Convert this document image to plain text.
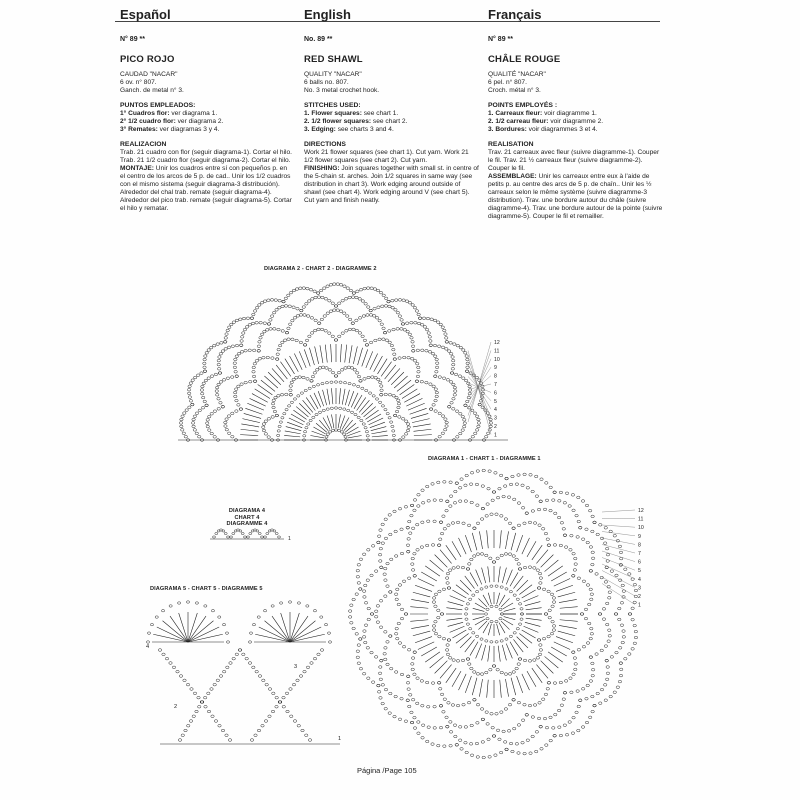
Español
N° 89 **
PICO ROJO
CAUDAD "NACAR"
6 ov. n° 807.
Ganch. de metal n° 3.
PUNTOS EMPLEADOS:
1° Cuadros flor: ver diagrama 1.
2° 1/2 cuadro flor: ver diagrama 2.
3° Remates: ver diagramas 3 y 4.
REALIZACION
Trab. 21 cuadro con flor (seguir diagrama-1). Cortar el hilo. Trab. 21 1/2 cuadro flor (seguir diagrama-2). Cortar el hilo.
MONTAJE: Unir los cuadros entre sí con pequeños p. en el centro de los arcos de 5 p. de cad.. Unir los 1/2 cuadros con el mismo sistema (seguir diagrama-3 distribución). Alrededor del chal trab. remate (seguir diagrama-4). Alrededor del pico trab. remate (seguir diagrama-5). Cortar el hilo y rematar.
English
No. 89 **
RED SHAWL
QUALITY "NACAR"
6 balls no. 807.
No. 3 metal crochet hook.
STITCHES USED:
1. Flower squares: see chart 1.
2. 1/2 flower squares: see chart 2.
3. Edging: see charts 3 and 4.
DIRECTIONS
Work 21 flower squares (see chart 1). Cut yarn. Work 21 1/2 flower squares (see chart 2). Cut yarn.
FINISHING: Join squares together with small st. in centre of the 5-chain st. arches. Join 1/2 squares in same way (see distribution in chart 3). Work edging around outside of shawl (see chart 4). Work edging around V (see chart 5). Cut yarn and finish neatly.
Français
N° 89 **
CHÂLE ROUGE
QUALITÉ "NACAR"
6 pel. n° 807.
Croch. métal n° 3.
POINTS EMPLOYÉS :
1. Carreaux fleur: voir diagramme 1.
2. 1/2 carreau fleur: voir diagramme 2.
3. Bordures: voir diagrammes 3 et 4.
REALISATION
Trav. 21 carreaux avec fleur (suivre diagramme-1). Couper le fil. Trav. 21 ½ carreaux fleur (suivre diagramme-2). Couper le fil.
ASSEMBLAGE: Unir les carreaux entre eux à l'aide de petits p. au centre des arcs de 5 p. de chaîn.. Unir les ½ carreaux selon le même système (suivre diagramme-3 distribution). Trav. une bordure autour du châle (suivre diagramme-4). Trav. une bordure autour de la pointe (suivre diagramme-5). Couper le fil et remailler.
DIAGRAMA 2 - CHART 2 - DIAGRAMME 2
DIAGRAMA 1 - CHART 1 - DIAGRAMME 1
DIAGRAMA 4
CHART 4
DIAGRAMME 4
DIAGRAMA 5 - CHART 5 - DIAGRAMME 5
12
11
10
9
8
7
6
5
4
3
2
1
12
11
10
9
8
7
6
5
4
3
2
1
1
4
3
2
1
Página /Page 105
